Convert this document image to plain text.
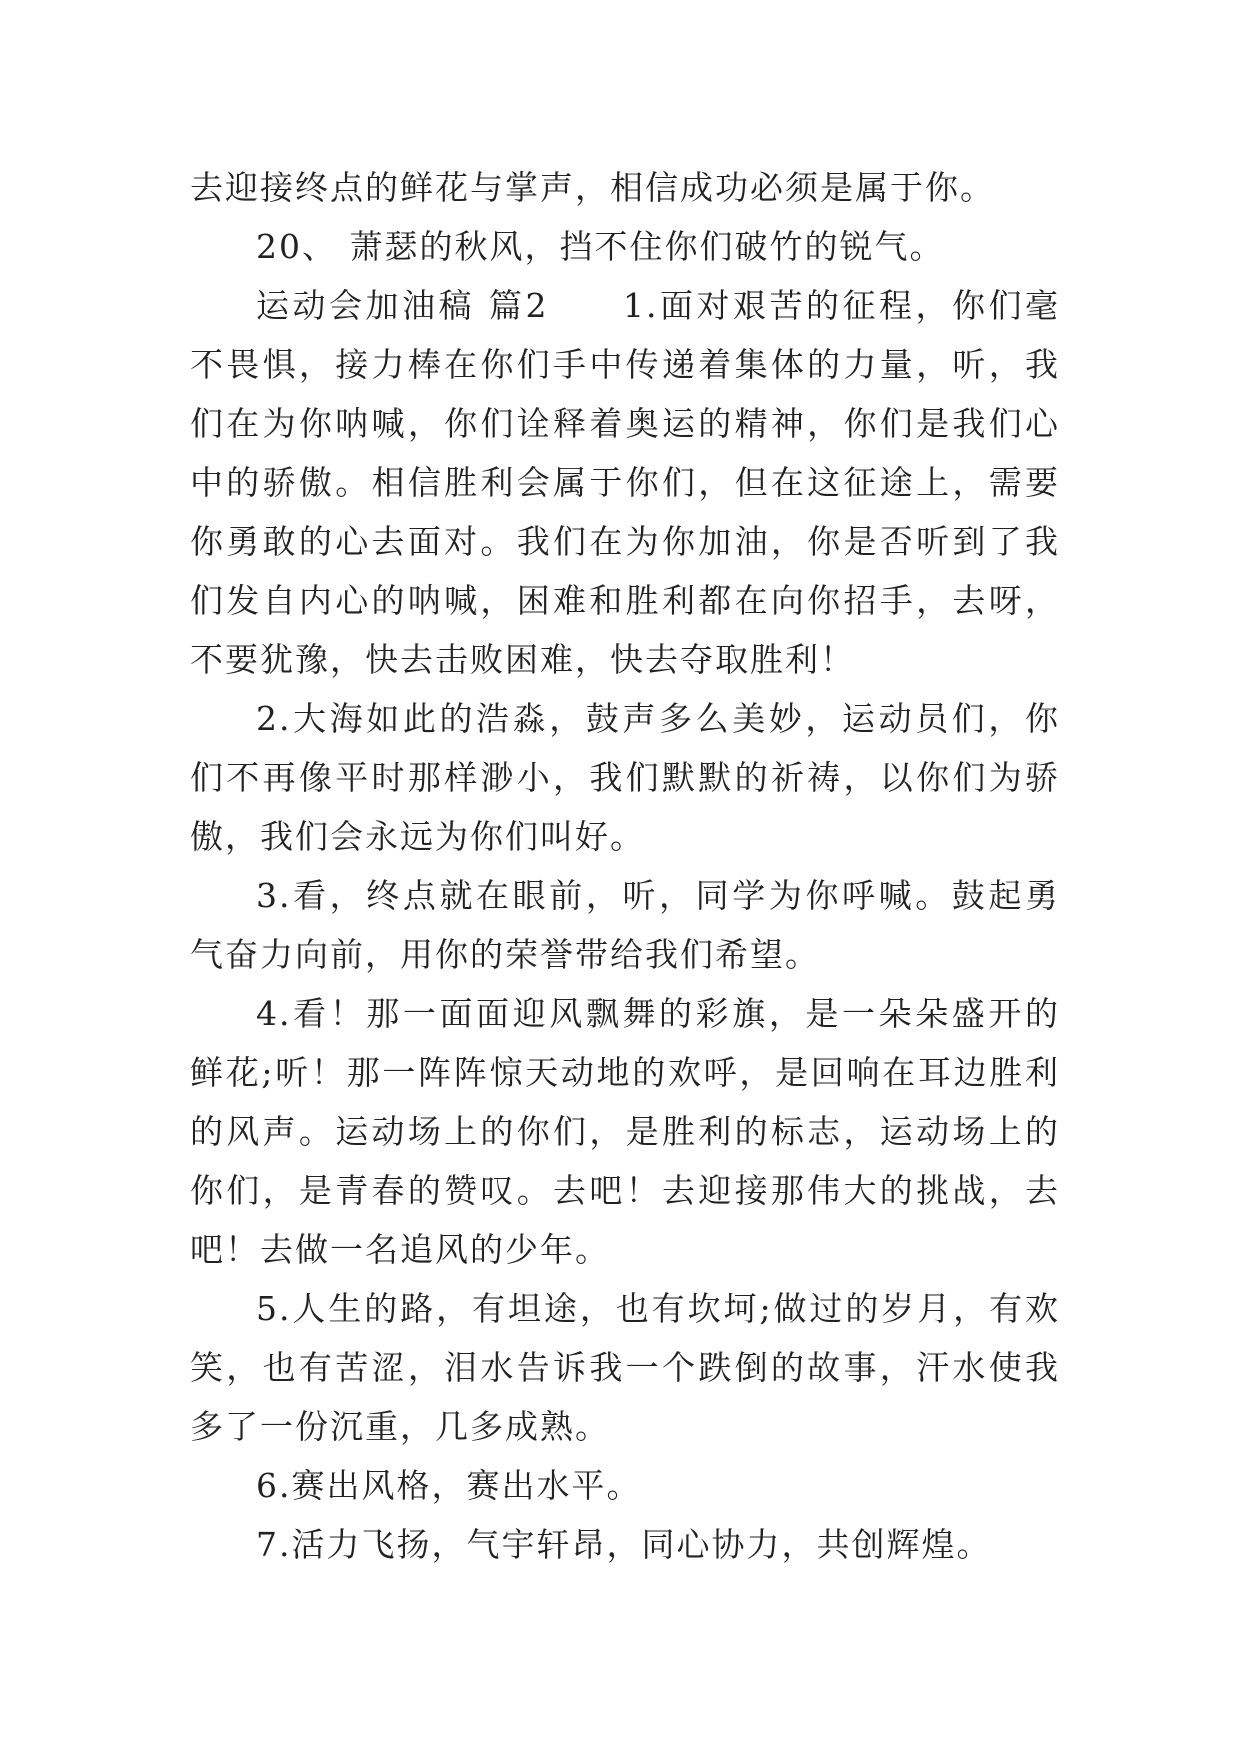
去迎接终点的鲜花与掌声，相信成功必须是属于你。

20、 萧瑟的秋风，挡不住你们破竹的锐气。

运动会加油稿 篇2　　1.面对艰苦的征程，你们毫不畏惧，接力棒在你们手中传递着集体的力量，听，我们在为你呐喊，你们诠释着奥运的精神，你们是我们心中的骄傲。相信胜利会属于你们，但在这征途上，需要你勇敢的心去面对。我们在为你加油，你是否听到了我们发自内心的呐喊，困难和胜利都在向你招手，去呀，不要犹豫，快去击败困难，快去夺取胜利！

2.大海如此的浩淼，鼓声多么美妙，运动员们，你们不再像平时那样渺小，我们默默的祈祷，以你们为骄傲，我们会永远为你们叫好。

3.看，终点就在眼前，听，同学为你呼喊。鼓起勇气奋力向前，用你的荣誉带给我们希望。

4.看！那一面面迎风飘舞的彩旗，是一朵朵盛开的鲜花;听！那一阵阵惊天动地的欢呼，是回响在耳边胜利的风声。运动场上的你们，是胜利的标志，运动场上的你们，是青春的赞叹。去吧！去迎接那伟大的挑战，去吧！去做一名追风的少年。

5.人生的路，有坦途，也有坎坷;做过的岁月，有欢笑，也有苦涩，泪水告诉我一个跌倒的故事，汗水使我多了一份沉重，几多成熟。

6.赛出风格，赛出水平。

7.活力飞扬，气宇轩昂，同心协力，共创辉煌。
